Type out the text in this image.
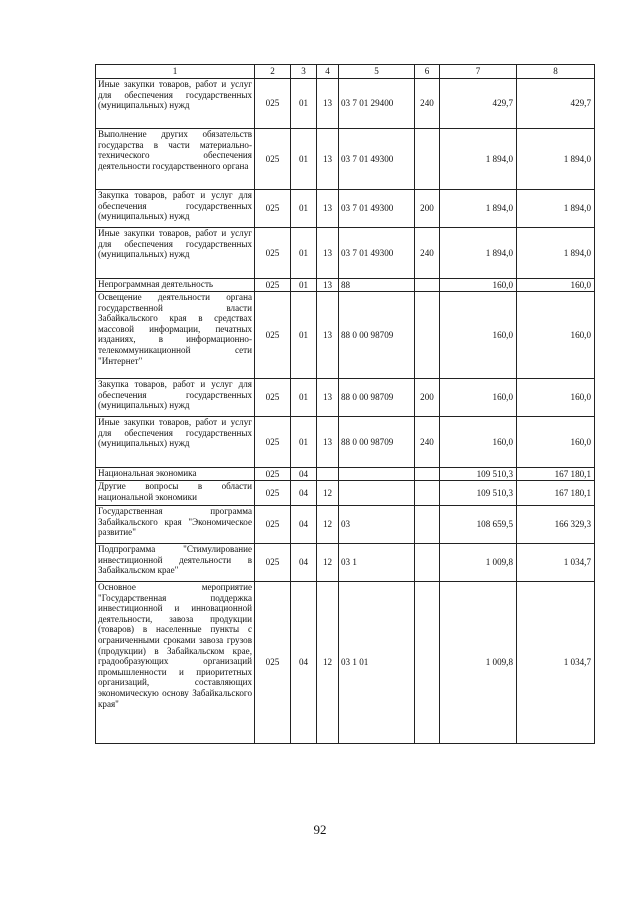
1	2	3	4	5	6	7	8
Иные закупки товаров, работ и услуг для обеспечения государственных (муниципальных) нужд	025	01	13	03 7 01 29400	240	429,7	429,7
Выполнение других обязательств государства в части материально-технического обеспечения деятельности государственного органа	025	01	13	03 7 01 49300		1 894,0	1 894,0
Закупка товаров, работ и услуг для обеспечения государственных (муниципальных) нужд	025	01	13	03 7 01 49300	200	1 894,0	1 894,0
Иные закупки товаров, работ и услуг для обеспечения государственных (муниципальных) нужд	025	01	13	03 7 01 49300	240	1 894,0	1 894,0
Непрограммная деятельность	025	01	13	88		160,0	160,0
Освещение деятельности органа государственной власти Забайкальского края в средствах массовой информации, печатных изданиях, в информационно-телекоммуникационной сети "Интернет"	025	01	13	88 0 00 98709		160,0	160,0
Закупка товаров, работ и услуг для обеспечения государственных (муниципальных) нужд	025	01	13	88 0 00 98709	200	160,0	160,0
Иные закупки товаров, работ и услуг для обеспечения государственных (муниципальных) нужд	025	01	13	88 0 00 98709	240	160,0	160,0
Национальная экономика	025	04				109 510,3	167 180,1
Другие вопросы в области национальной экономики	025	04	12			109 510,3	167 180,1
Государственная программа Забайкальского края "Экономическое развитие"	025	04	12	03		108 659,5	166 329,3
Подпрограмма "Стимулирование инвестиционной деятельности в Забайкальском крае"	025	04	12	03 1		1 009,8	1 034,7
Основное мероприятие "Государственная поддержка инвестиционной и инновационной деятельности, завоза продукции (товаров) в населенные пункты с ограниченными сроками завоза грузов (продукции) в Забайкальском крае, градообразующих организаций промышленности и приоритетных организаций, составляющих экономическую основу Забайкальского края"	025	04	12	03 1 01		1 009,8	1 034,7
92
